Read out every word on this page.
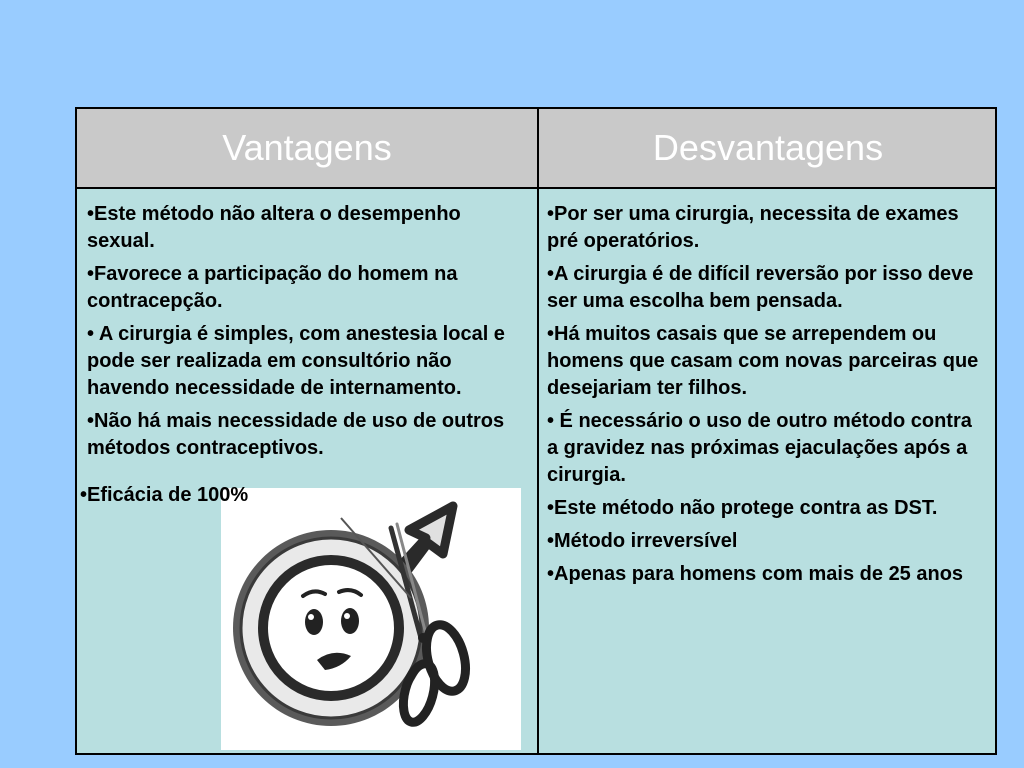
Vantagens	Desvantagens

•Este método não altera o desempenho sexual.

•Favorece a participação do homem na contracepção.

• A cirurgia é simples, com anestesia local e pode ser realizada em consultório não havendo necessidade de internamento.

•Não há mais necessidade de uso de outros métodos contraceptivos.

•Por ser uma cirurgia, necessita de exames pré operatórios.

•A cirurgia é de difícil reversão por isso deve ser uma escolha bem pensada.

•Há muitos casais que se arrependem ou homens que casam com novas parceiras que desejariam ter filhos.

• É necessário o uso de outro método contra a gravidez nas próximas ejaculações após a cirurgia.

•Este método não protege contra as DST.

•Método irreversível

•Apenas para homens com mais de 25 anos

•Eficácia de 100%
